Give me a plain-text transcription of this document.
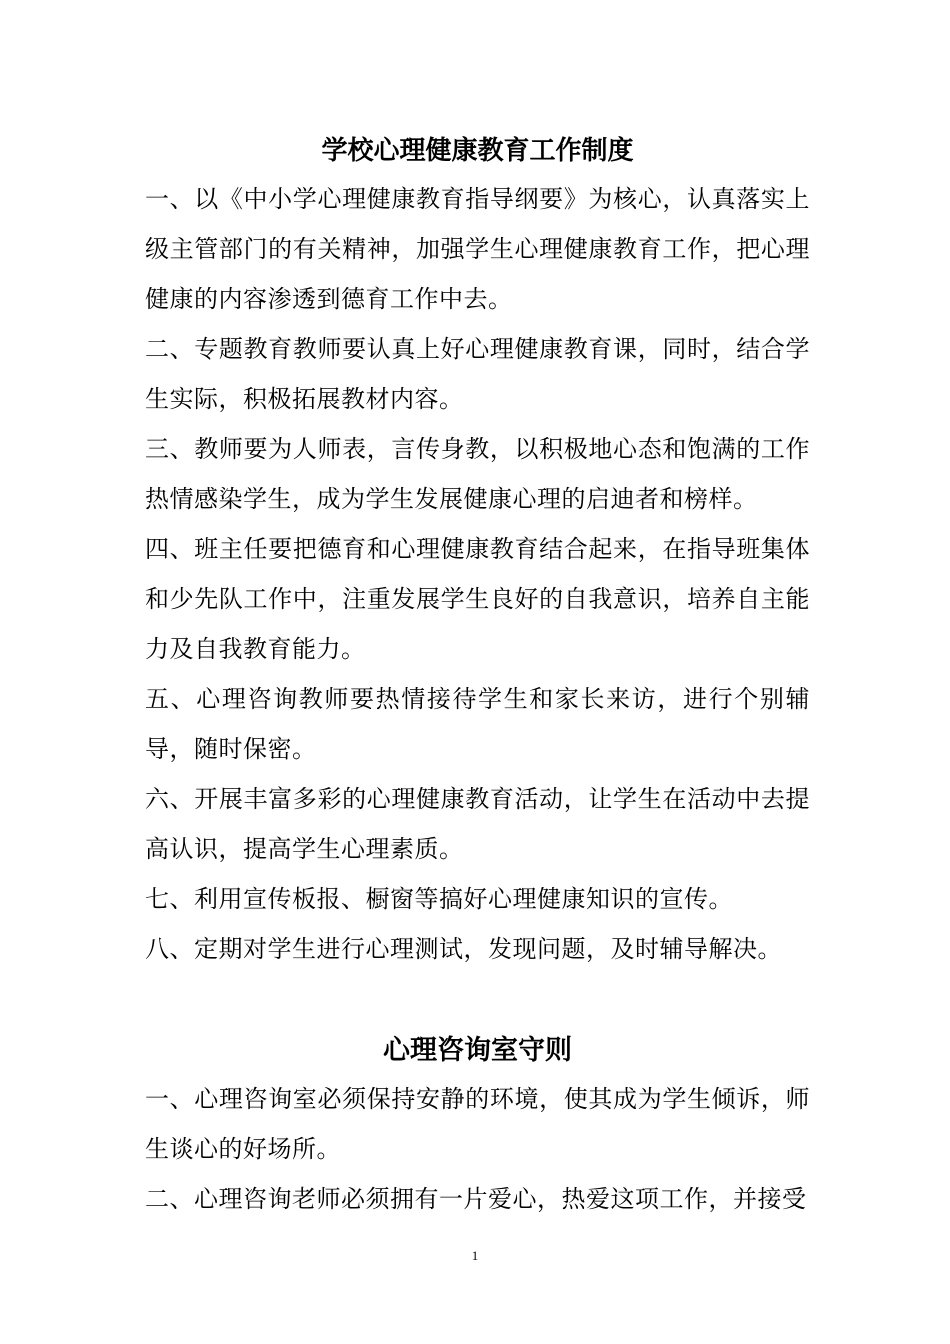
学校心理健康教育工作制度

一、以《中小学心理健康教育指导纲要》为核心，认真落实上级主管部门的有关精神，加强学生心理健康教育工作，把心理健康的内容渗透到德育工作中去。

二、专题教育教师要认真上好心理健康教育课，同时，结合学生实际，积极拓展教材内容。

三、教师要为人师表，言传身教，以积极地心态和饱满的工作热情感染学生，成为学生发展健康心理的启迪者和榜样。

四、班主任要把德育和心理健康教育结合起来，在指导班集体和少先队工作中，注重发展学生良好的自我意识，培养自主能力及自我教育能力。

五、心理咨询教师要热情接待学生和家长来访，进行个别辅导，随时保密。

六、开展丰富多彩的心理健康教育活动，让学生在活动中去提高认识，提高学生心理素质。

七、利用宣传板报、橱窗等搞好心理健康知识的宣传。

八、定期对学生进行心理测试，发现问题，及时辅导解决。

心理咨询室守则

一、心理咨询室必须保持安静的环境，使其成为学生倾诉，师生谈心的好场所。

二、心理咨询老师必须拥有一片爱心，热爱这项工作，并接受

1
